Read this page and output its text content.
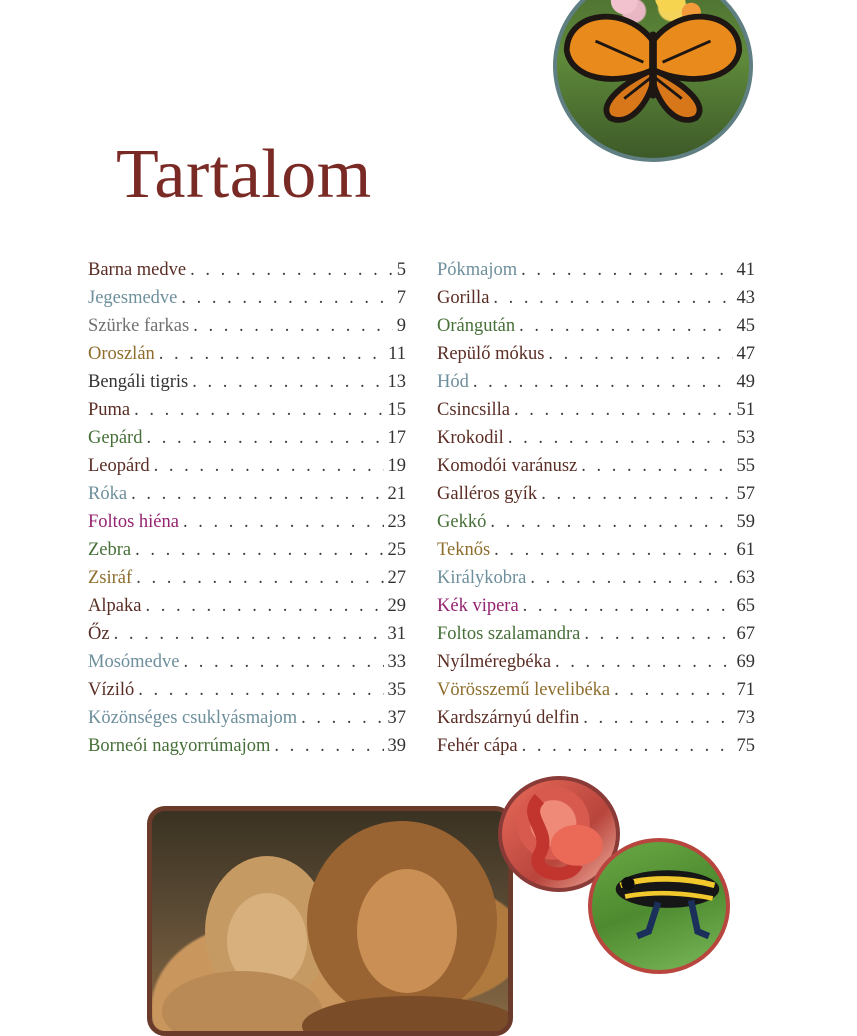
Tartalom
Barna medve . . .	5
Jegesmedve . . .	7
Szürke farkas . . .	9
Oroszlán . . .	11
Bengáli tigris . . .	13
Puma . . .	15
Gepárd . . .	17
Leopárd . . .	19
Róka . . .	21
Foltos hiéna . . .	23
Zebra . . .	25
Zsiráf . . .	27
Alpaka . . .	29
Őz . . .	31
Mosómedve . . .	33
Víziló . . .	35
Közönséges csuklyásmajom . . .	37
Borneói nagyorrúmajom . . .	39
Pókmajom . . .	41
Gorilla . . .	43
Orángután . . .	45
Repülő mókus . . .	47
Hód . . .	49
Csincsilla . . .	51
Krokodil . . .	53
Komodói varánusz . . .	55
Galléros gyík . . .	57
Gekkó . . .	59
Teknős . . .	61
Királykobra . . .	63
Kék vipera . . .	65
Foltos szalamandra . . .	67
Nyílméregbéka . . .	69
Vörösszemű levelibéka . . .	71
Kardszárnyú delfin . . .	73
Fehér cápa . . .	75
